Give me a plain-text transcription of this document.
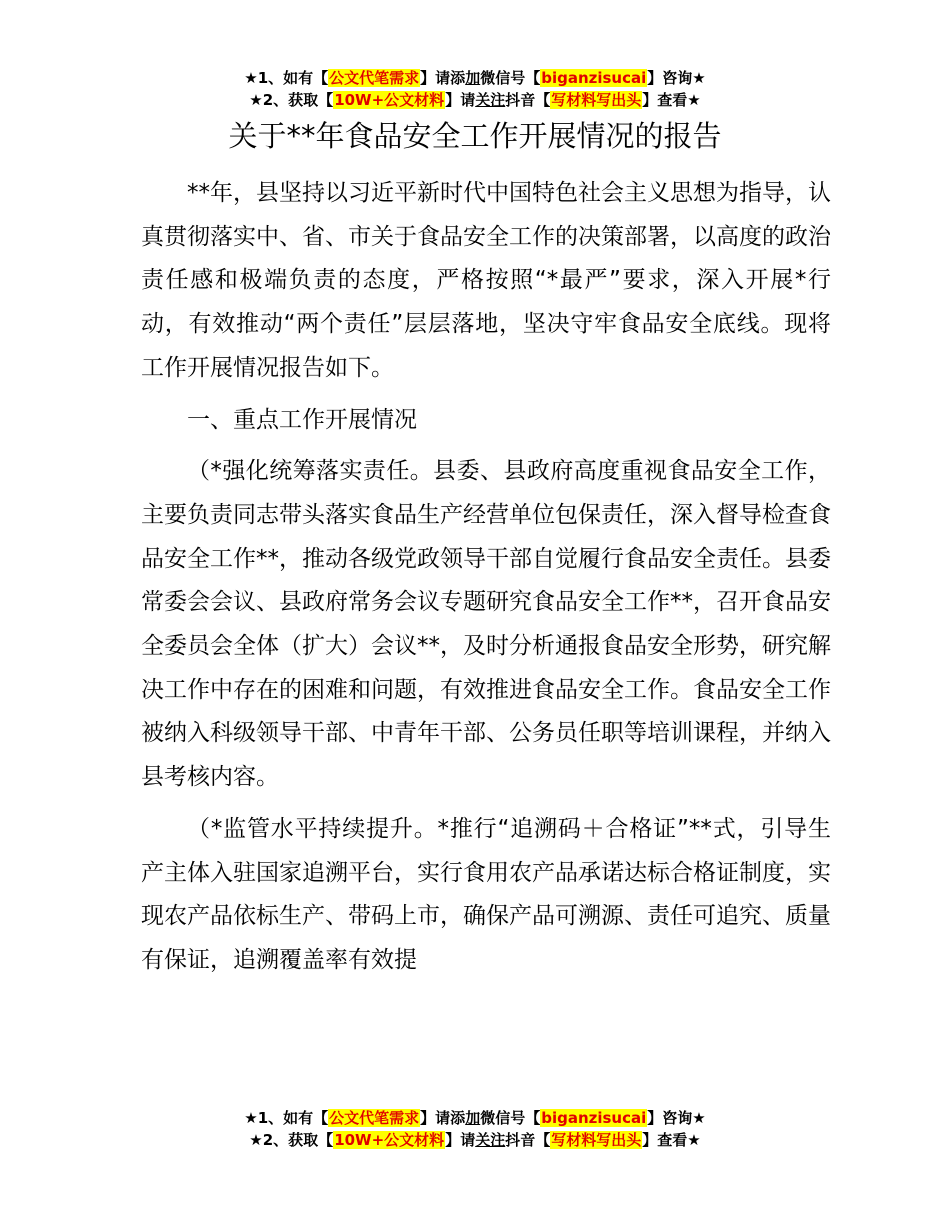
★1、如有【公文代笔需求】请添加微信号【biganzisucai】咨询★
★2、获取【10W+公文材料】请关注抖音【写材料写出头】查看★
关于**年食品安全工作开展情况的报告

**年，县坚持以习近平新时代中国特色社会主义思想为指导，认真贯彻落实中、省、市关于食品安全工作的决策部署，以高度的政治责任感和极端负责的态度，严格按照“*最严”要求，深入开展*行动，有效推动“两个责任”层层落地，坚决守牢食品安全底线。现将工作开展情况报告如下。

一、重点工作开展情况

（*强化统筹落实责任。县委、县政府高度重视食品安全工作，主要负责同志带头落实食品生产经营单位包保责任，深入督导检查食品安全工作**，推动各级党政领导干部自觉履行食品安全责任。县委常委会会议、县政府常务会议专题研究食品安全工作**，召开食品安全委员会全体（扩大）会议**，及时分析通报食品安全形势，研究解决工作中存在的困难和问题，有效推进食品安全工作。食品安全工作被纳入科级领导干部、中青年干部、公务员任职等培训课程，并纳入县考核内容。

（*监管水平持续提升。*推行“追溯码＋合格证”**式，引导生产主体入驻国家追溯平台，实行食用农产品承诺达标合格证制度，实现农产品依标生产、带码上市，确保产品可溯源、责任可追究、质量有保证，追溯覆盖率有效提

★1、如有【公文代笔需求】请添加微信号【biganzisucai】咨询★
★2、获取【10W+公文材料】请关注抖音【写材料写出头】查看★
